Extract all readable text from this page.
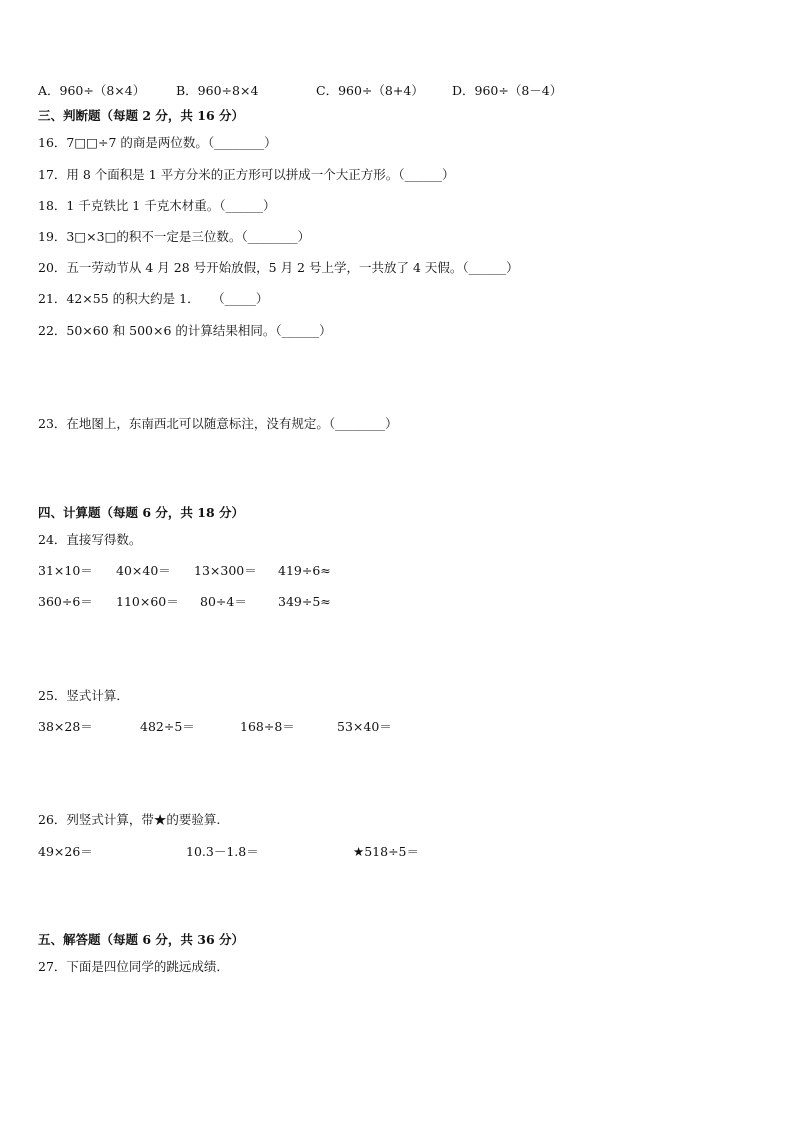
A．960÷（8×4） B．960÷8×4	C．960÷（8+4） D．960÷（8－4）
三、判断题（每题 2 分，共 16 分）
16．7□□÷7 的商是两位数。（________）
17．用 8 个面积是 1 平方分米的正方形可以拼成一个大正方形。（______）
18．1 千克铁比 1 千克木材重。（______）
19．3□×3□的积不一定是三位数。（________）
20．五一劳动节从 4 月 28 号开始放假，5 月 2 号上学，一共放了 4 天假。（______）
21．42×55 的积大约是 1．　　（_____）
22．50×60 和 500×6 的计算结果相同。（______）
23．在地图上，东南西北可以随意标注，没有规定。（________）
四、计算题（每题 6 分，共 18 分）
24．直接写得数。
31×10＝ 40×40＝ 13×300＝ 419÷6≈
360÷6＝ 110×60＝ 80÷4＝ 349÷5≈
25．竖式计算．
38×28＝	482÷5＝	168÷8＝	53×40＝
26．列竖式计算，带★的要验算.
49×26＝	10.3－1.8＝	★518÷5＝
五、解答题（每题 6 分，共 36 分）
27．下面是四位同学的跳远成绩．
